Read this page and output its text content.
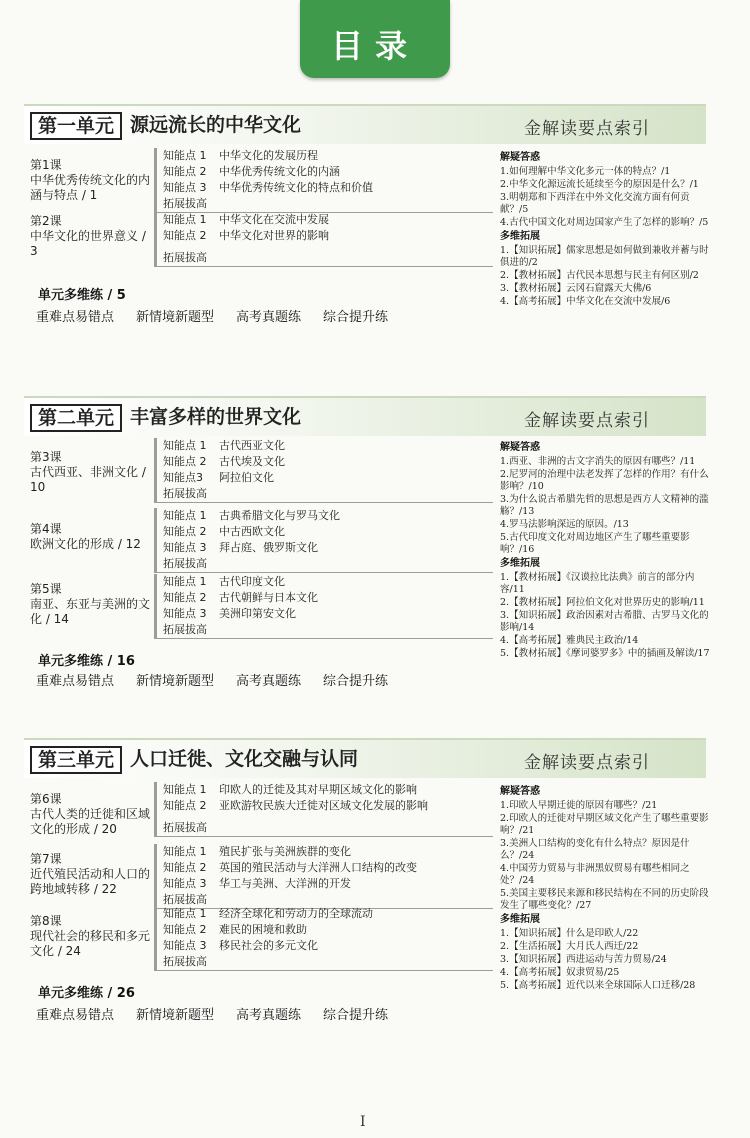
目录
第一单元 源远流长的中华文化	金解读要点索引
第1课
中华优秀传统文化的内涵与特点 / 1
知能点 1 中华文化的发展历程
知能点 2 中华优秀传统文化的内涵
知能点 3 中华优秀传统文化的特点和价值
拓展拔高
第2课
中华文化的世界意义 / 3
知能点 1 中华文化在交流中发展
知能点 2 中华文化对世界的影响
拓展拔高
单元多维练 / 5
重难点易错点 新情境新题型 高考真题练 综合提升练
解疑答惑
1.如何理解中华文化多元一体的特点？/1
2.中华文化源远流长延续至今的原因是什么？/1
3.明朝郑和下西洋在中外文化交流方面有何贡献？/5
4.古代中国文化对周边国家产生了怎样的影响？/5
多维拓展
1.【知识拓展】儒家思想是如何做到兼收并蓄与时俱进的/2
2.【教材拓展】古代民本思想与民主有何区别/2
3.【教材拓展】云冈石窟露天大佛/6
4.【高考拓展】中华文化在交流中发展/6
第二单元 丰富多样的世界文化	金解读要点索引
第3课
古代西亚、非洲文化 / 10
知能点 1 古代西亚文化
知能点 2 古代埃及文化
知能点3 阿拉伯文化
拓展拔高
第4课
欧洲文化的形成 / 12
知能点 1 古典希腊文化与罗马文化
知能点 2 中古西欧文化
知能点 3 拜占庭、俄罗斯文化
拓展拔高
第5课
南亚、东亚与美洲的文化 / 14
知能点 1 古代印度文化
知能点 2 古代朝鲜与日本文化
知能点 3 美洲印第安文化
拓展拔高
单元多维练 / 16
重难点易错点 新情境新题型 高考真题练 综合提升练
解疑答惑
1.西亚、非洲的古文字消失的原因有哪些？/11
2.尼罗河的治理中法老发挥了怎样的作用？有什么影响？/10
3.为什么说古希腊先哲的思想是西方人文精神的滥觞？/13
4.罗马法影响深远的原因。/13
5.古代印度文化对周边地区产生了哪些重要影响？/16
多维拓展
1.【教材拓展】《汉谟拉比法典》前言的部分内容/11
2.【教材拓展】阿拉伯文化对世界历史的影响/11
3.【知识拓展】政治因素对古希腊、古罗马文化的影响/14
4.【高考拓展】雅典民主政治/14
5.【教材拓展】《摩诃婆罗多》中的插画及解读/17
第三单元 人口迁徙、文化交融与认同	金解读要点索引
第6课
古代人类的迁徙和区域文化的形成 / 20
知能点 1 印欧人的迁徙及其对早期区域文化的影响
知能点 2 亚欧游牧民族大迁徙对区域文化发展的影响
拓展拔高
第7课
近代殖民活动和人口的跨地域转移 / 22
知能点 1 殖民扩张与美洲族群的变化
知能点 2 英国的殖民活动与大洋洲人口结构的改变
知能点 3 华工与美洲、大洋洲的开发
拓展拔高
第8课
现代社会的移民和多元文化 / 24
知能点 1 经济全球化和劳动力的全球流动
知能点 2 难民的困境和救助
知能点 3 移民社会的多元文化
拓展拔高
单元多维练 / 26
重难点易错点 新情境新题型 高考真题练 综合提升练
解疑答惑
1.印欧人早期迁徙的原因有哪些？/21
2.印欧人的迁徙对早期区域文化产生了哪些重要影响？/21
3.美洲人口结构的变化有什么特点？原因是什么？/24
4.中国劳力贸易与非洲黑奴贸易有哪些相同之处？/24
5.美国主要移民来源和移民结构在不同的历史阶段发生了哪些变化？/27
多维拓展
1.【知识拓展】什么是印欧人/22
2.【生活拓展】大月氏人西迁/22
3.【知识拓展】西进运动与苦力贸易/24
4.【高考拓展】奴隶贸易/25
5.【高考拓展】近代以来全球国际人口迁移/28
I
